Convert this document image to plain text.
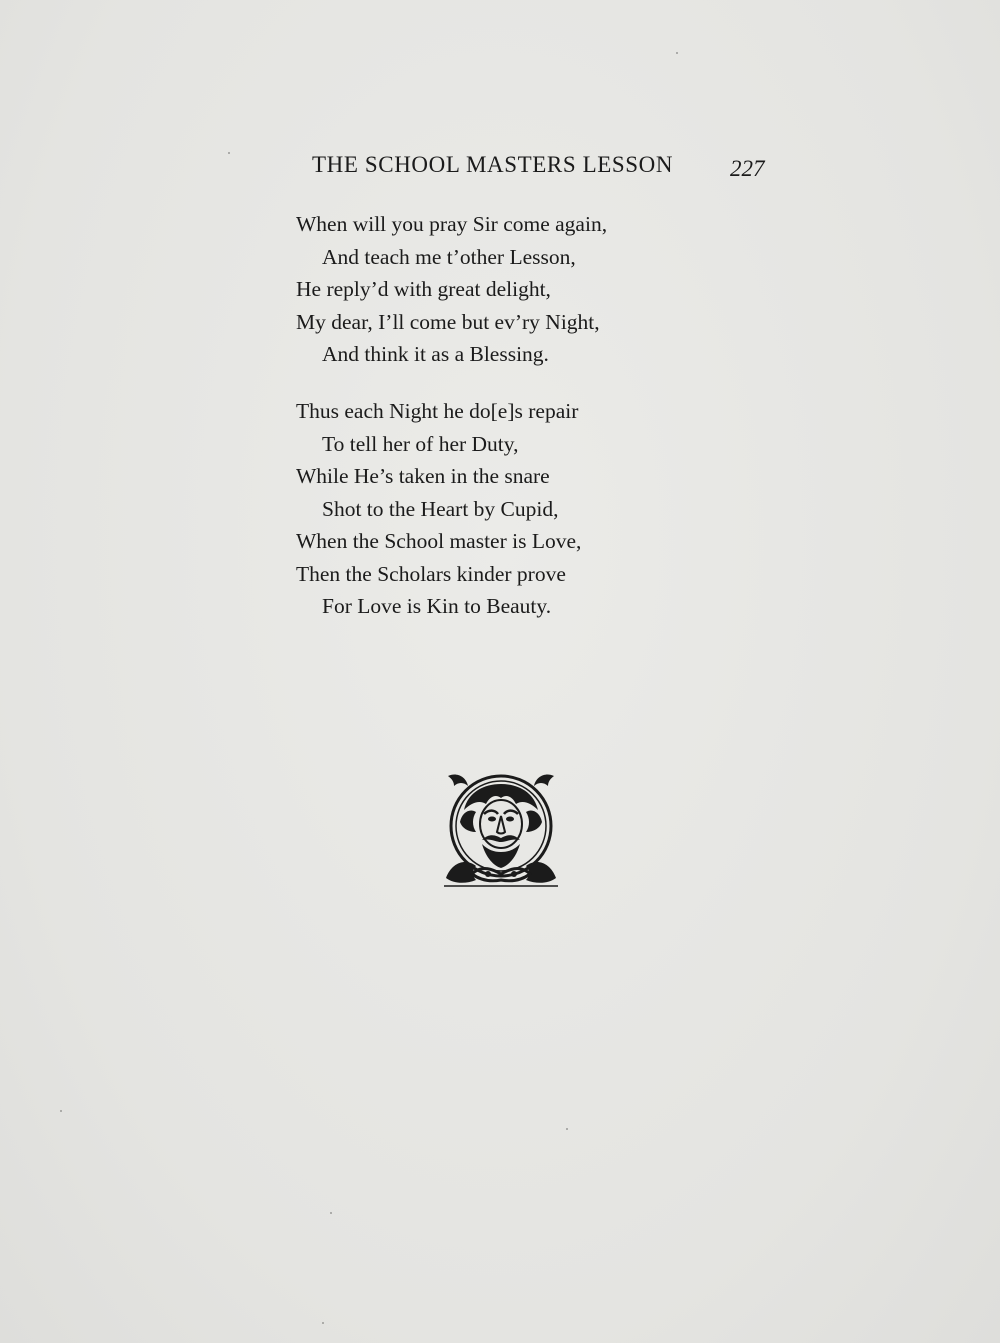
THE SCHOOL MASTERS LESSON 227
When will you pray Sir come again,
And teach me t’other Lesson,
He reply’d with great delight,
My dear, I’ll come but ev’ry Night,
And think it as a Blessing.
Thus each Night he do[e]s repair
To tell her of her Duty,
While He’s taken in the snare
Shot to the Heart by Cupid,
When the School master is Love,
Then the Scholars kinder prove
For Love is Kin to Beauty.
